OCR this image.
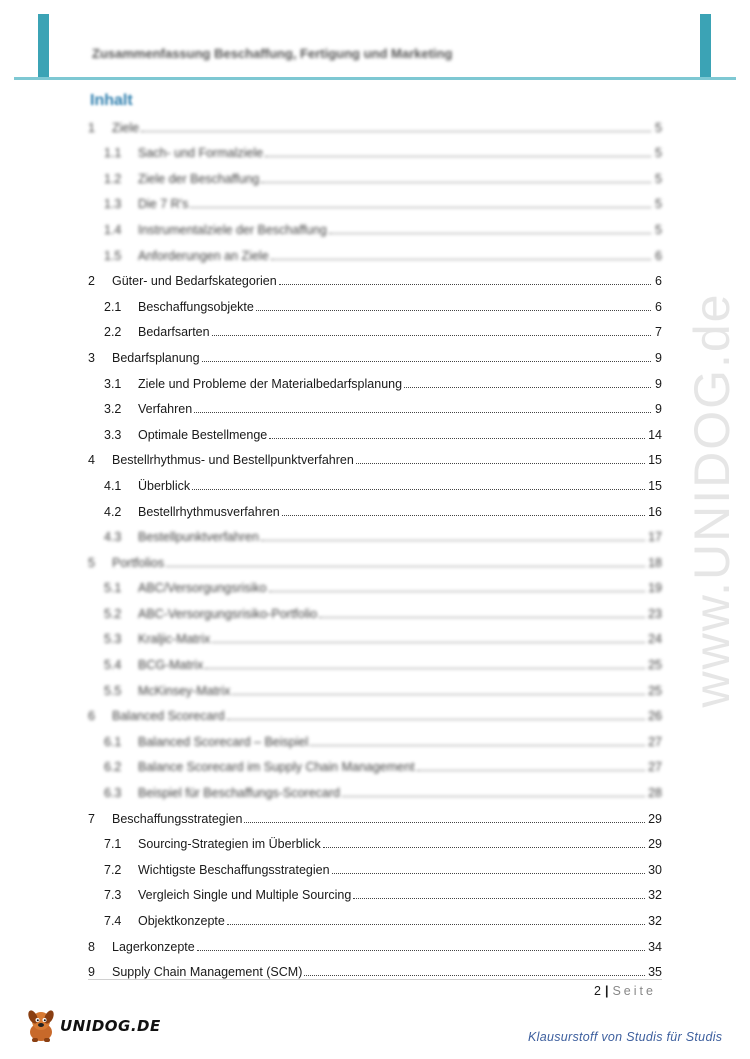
Zusammenfassung Beschaffung, Fertigung und Marketing
www.UNIDOG.de
Inhalt
1	Ziele	5
1.1	Sach- und Formalziele	5
1.2	Ziele der Beschaffung	5
1.3	Die 7 R's	5
1.4	Instrumentalziele der Beschaffung	5
1.5	Anforderungen an Ziele	6
2	Güter- und Bedarfskategorien	6
2.1	Beschaffungsobjekte	6
2.2	Bedarfsarten	7
3	Bedarfsplanung	9
3.1	Ziele und Probleme der Materialbedarfsplanung	9
3.2	Verfahren	9
3.3	Optimale Bestellmenge	14
4	Bestellrhythmus- und Bestellpunktverfahren	15
4.1	Überblick	15
4.2	Bestellrhythmusverfahren	16
4.3	Bestellpunktverfahren	17
5	Portfolios	18
5.1	ABC/Versorgungsrisiko	19
5.2	ABC-Versorgungsrisiko-Portfolio	23
5.3	Kraljic-Matrix	24
5.4	BCG-Matrix	25
5.5	McKinsey-Matrix	25
6	Balanced Scorecard	26
6.1	Balanced Scorecard – Beispiel	27
6.2	Balance Scorecard im Supply Chain Management	27
6.3	Beispiel für Beschaffungs-Scorecard	28
7	Beschaffungsstrategien	29
7.1	Sourcing-Strategien im Überblick	29
7.2	Wichtigste Beschaffungsstrategien	30
7.3	Vergleich Single und Multiple Sourcing	32
7.4	Objektkonzepte	32
8	Lagerkonzepte	34
9	Supply Chain Management (SCM)	35
2 | Seite
UNIDOG.DE
Klausurstoff von Studis für Studis
